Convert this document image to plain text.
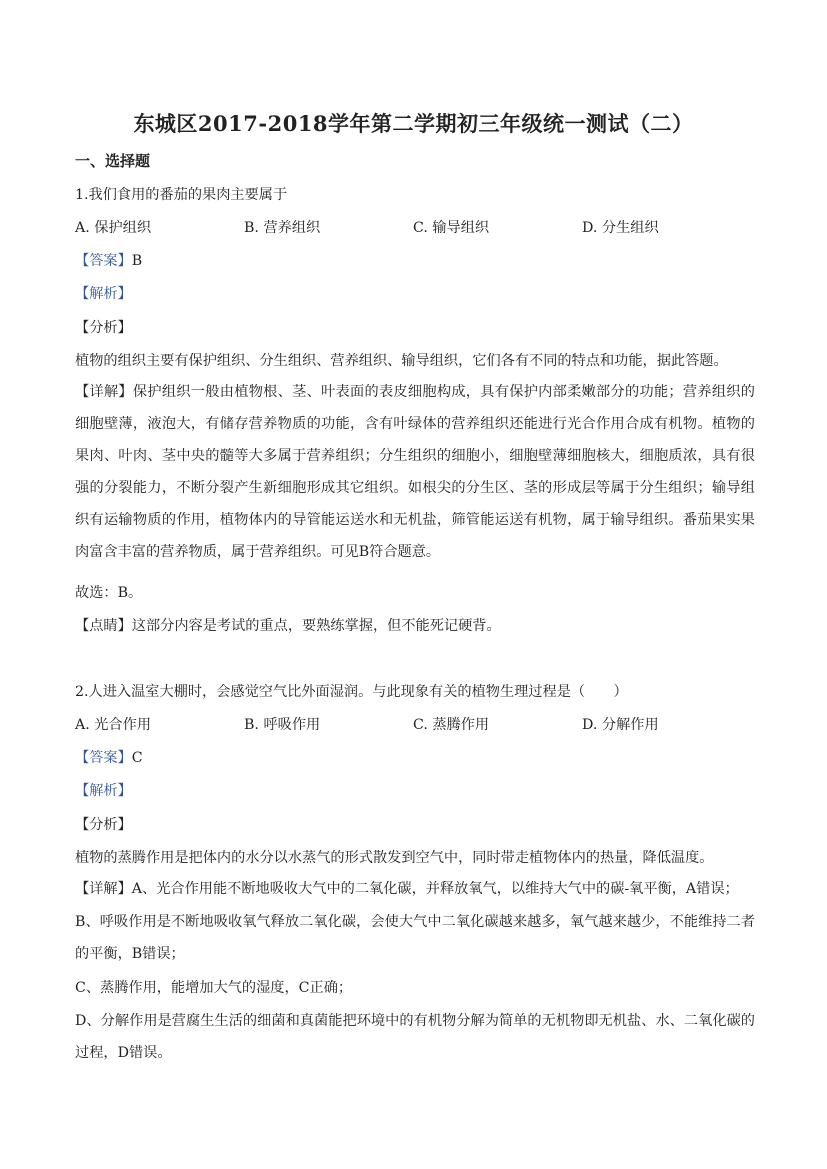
东城区2017-2018学年第二学期初三年级统一测试（二）
一、选择题
1.我们食用的番茄的果肉主要属于
A. 保护组织	B. 营养组织	C. 输导组织	D. 分生组织
【答案】B
【解析】
【分析】
植物的组织主要有保护组织、分生组织、营养组织、输导组织，它们各有不同的特点和功能，据此答题。
【详解】保护组织一般由植物根、茎、叶表面的表皮细胞构成，具有保护内部柔嫩部分的功能；营养组织的细胞壁薄，液泡大，有储存营养物质的功能，含有叶绿体的营养组织还能进行光合作用合成有机物。植物的果肉、叶肉、茎中央的髓等大多属于营养组织；分生组织的细胞小，细胞壁薄细胞核大，细胞质浓，具有很强的分裂能力，不断分裂产生新细胞形成其它组织。如根尖的分生区、茎的形成层等属于分生组织；输导组织有运输物质的作用，植物体内的导管能运送水和无机盐，筛管能运送有机物，属于输导组织。番茄果实果肉富含丰富的营养物质，属于营养组织。可见B符合题意。
故选：B。
【点睛】这部分内容是考试的重点，要熟练掌握，但不能死记硬背。
2.人进入温室大棚时，会感觉空气比外面湿润。与此现象有关的植物生理过程是（　　）
A. 光合作用	B. 呼吸作用	C. 蒸腾作用	D. 分解作用
【答案】C
【解析】
【分析】
植物的蒸腾作用是把体内的水分以水蒸气的形式散发到空气中，同时带走植物体内的热量，降低温度。
【详解】A、光合作用能不断地吸收大气中的二氧化碳，并释放氧气，以维持大气中的碳-氧平衡，A错误；
B、呼吸作用是不断地吸收氧气释放二氧化碳，会使大气中二氧化碳越来越多，氧气越来越少，不能维持二者的平衡，B错误；
C、蒸腾作用，能增加大气的湿度，C正确；
D、分解作用是营腐生生活的细菌和真菌能把环境中的有机物分解为简单的无机物即无机盐、水、二氧化碳的过程，D错误。
